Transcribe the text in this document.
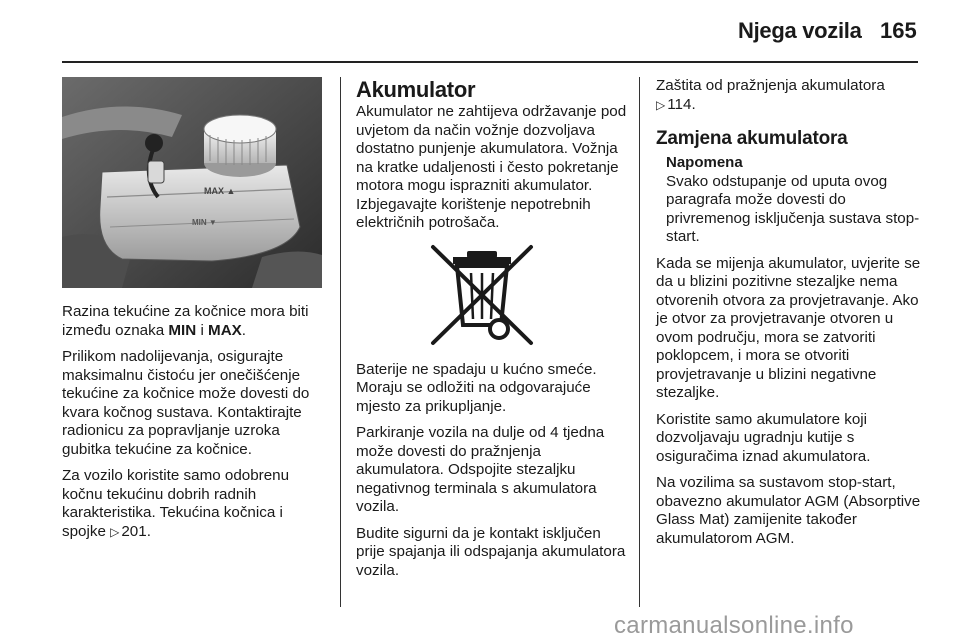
Njega vozila 165
MAX ▲
MIN ▼

Razina tekućine za kočnice mora biti između oznaka MIN i MAX.

Prilikom nadolijevanja, osigurajte maksimalnu čistoću jer onečišćenje tekućine za kočnice može dovesti do kvara kočnog sustava. Kontaktirajte radionicu za popravljanje uzroka gubitka tekućine za kočnice.

Za vozilo koristite samo odobrenu kočnu tekućinu dobrih radnih karakteristika. Tekućina kočnica i spojke ▷ 201.

Akumulator

Akumulator ne zahtijeva održavanje pod uvjetom da način vožnje dozvoljava dostatno punjenje akumulatora. Vožnja na kratke udaljenosti i često pokretanje motora mogu isprazniti akumulator.

Izbjegavajte korištenje nepotrebnih električnih potrošača.

Baterije ne spadaju u kućno smeće. Moraju se odložiti na odgovarajuće mjesto za prikupljanje.

Parkiranje vozila na dulje od 4 tjedna može dovesti do pražnjenja akumulatora. Odspojite stezaljku negativnog terminala s akumulatora vozila.

Budite sigurni da je kontakt isključen prije spajanja ili odspajanja akumulatora vozila.

Zaštita od pražnjenja akumulatora
▷ 114.

Zamjena akumulatora
Napomena
Svako odstupanje od uputa ovog paragrafa može dovesti do privremenog isključenja sustava stop-start.

Kada se mijenja akumulator, uvjerite se da u blizini pozitivne stezaljke nema otvorenih otvora za provjetravanje. Ako je otvor za provjetravanje otvoren u ovom području, mora se zatvoriti poklopcem, i mora se otvoriti provjetravanje u blizini negativne stezaljke.

Koristite samo akumulatore koji dozvoljavaju ugradnju kutije s osiguračima iznad akumulatora.

Na vozilima sa sustavom stop-start, obavezno akumulator AGM (Absorptive Glass Mat) zamijenite također akumulatorom AGM.

carmanualsonline.info
